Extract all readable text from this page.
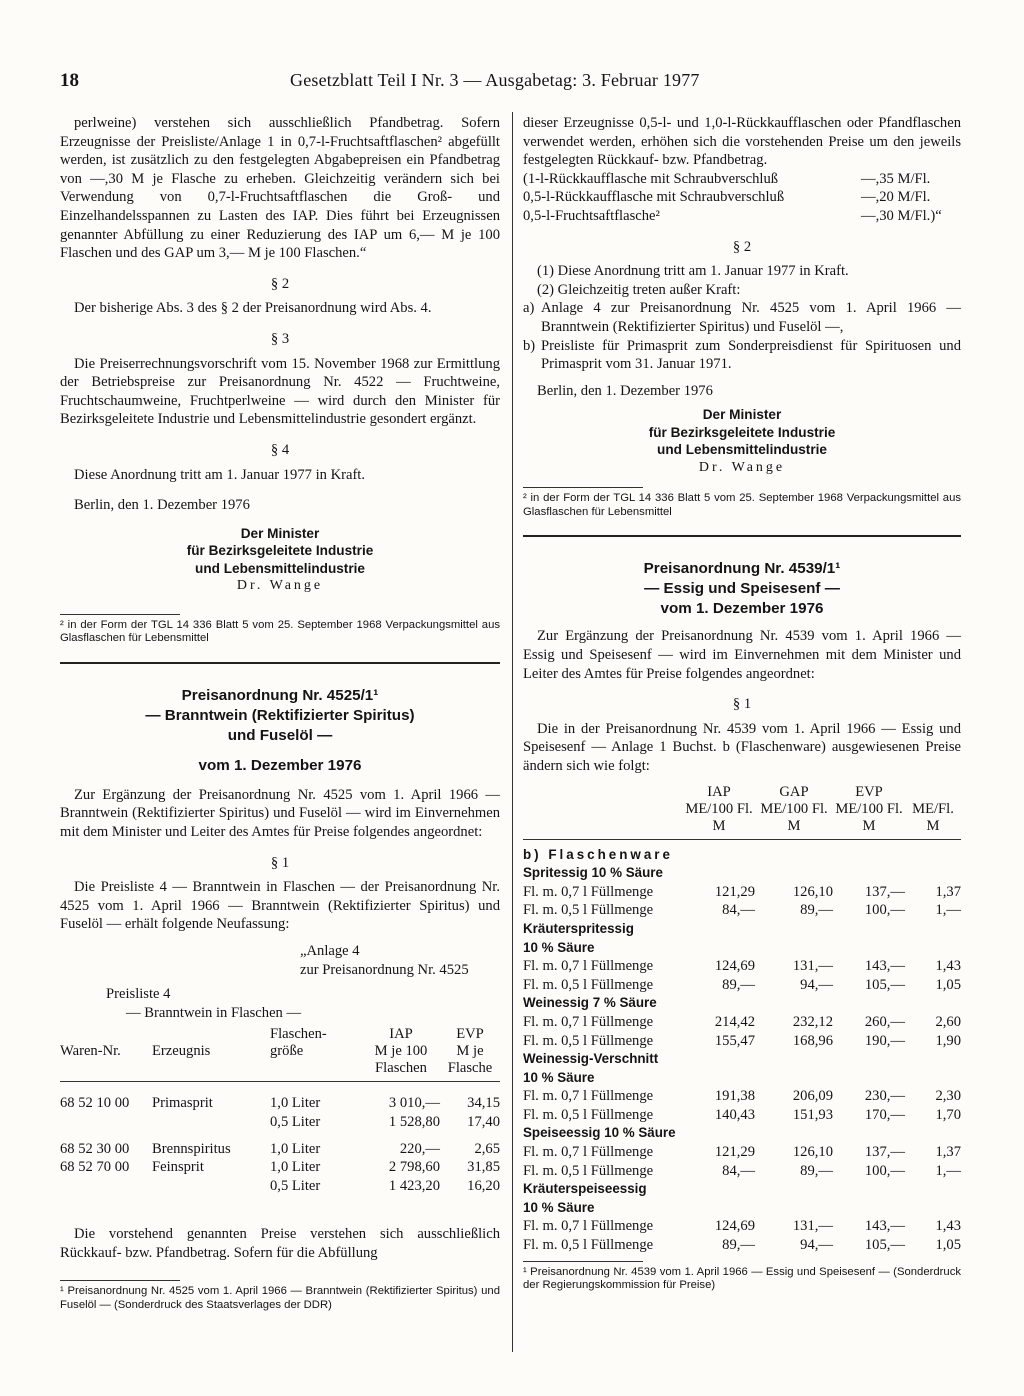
18	Gesetzblatt Teil I Nr. 3 — Ausgabetag: 3. Februar 1977

perlweine) verstehen sich ausschließlich Pfandbetrag. Sofern Erzeugnisse der Preisliste/Anlage 1 in 0,7-l-Fruchtsaftflaschen² abgefüllt werden, ist zusätzlich zu den festgelegten Abgabepreisen ein Pfandbetrag von —,30 M je Flasche zu erheben. Gleichzeitig verändern sich bei Verwendung von 0,7-l-Fruchtsaftflaschen die Groß- und Einzelhandelsspannen zu Lasten des IAP. Dies führt bei Erzeugnissen genannter Abfüllung zu einer Reduzierung des IAP um 6,— M je 100 Flaschen und des GAP um 3,— M je 100 Flaschen.“

§ 2

Der bisherige Abs. 3 des § 2 der Preisanordnung wird Abs. 4.

§ 3

Die Preiserrechnungsvorschrift vom 15. November 1968 zur Ermittlung der Betriebspreise zur Preisanordnung Nr. 4522 — Fruchtweine, Fruchtschaumweine, Fruchtperlweine — wird durch den Minister für Bezirksgeleitete Industrie und Lebensmittelindustrie gesondert ergänzt.

§ 4

Diese Anordnung tritt am 1. Januar 1977 in Kraft.

Berlin, den 1. Dezember 1976

Der Minister
für Bezirksgeleitete Industrie
und Lebensmittelindustrie
Dr. Wange

² in der Form der TGL 14 336 Blatt 5 vom 25. September 1968 Verpackungsmittel aus Glasflaschen für Lebensmittel

Preisanordnung Nr. 4525/1¹
— Branntwein (Rektifizierter Spiritus)
und Fuselöl —
vom 1. Dezember 1976

Zur Ergänzung der Preisanordnung Nr. 4525 vom 1. April 1966 — Branntwein (Rektifizierter Spiritus) und Fuselöl — wird im Einvernehmen mit dem Minister und Leiter des Amtes für Preise folgendes angeordnet:

§ 1

Die Preisliste 4 — Branntwein in Flaschen — der Preisanordnung Nr. 4525 vom 1. April 1966 — Branntwein (Rektifizierter Spiritus) und Fuselöl — erhält folgende Neufassung:

„Anlage 4
zur Preisanordnung Nr. 4525
Preisliste 4
— Branntwein in Flaschen —
		Flaschen-	IAP	EVP
Waren-Nr.	Erzeugnis	größe	M je 100	M je
			Flaschen	Flasche

68 52 10 00	Primasprit	1,0 Liter	3 010,—	34,15
		0,5 Liter	1 528,80	17,40

68 52 30 00	Brennspiritus	1,0 Liter	220,—	2,65
68 52 70 00	Feinsprit	1,0 Liter	2 798,60	31,85
		0,5 Liter	1 423,20	16,20

Die vorstehend genannten Preise verstehen sich ausschließlich Rückkauf- bzw. Pfandbetrag. Sofern für die Abfüllung

¹ Preisanordnung Nr. 4525 vom 1. April 1966 — Branntwein (Rektifizierter Spiritus) und Fuselöl — (Sonderdruck des Staatsverlages der DDR)

dieser Erzeugnisse 0,5-l- und 1,0-l-Rückkaufflaschen oder Pfandflaschen verwendet werden, erhöhen sich die vorstehenden Preise um den jeweils festgelegten Rückkauf- bzw. Pfandbetrag.

(1-l-Rückkaufflasche mit Schraubverschluß	—,35 M/Fl.
0,5-l-Rückkaufflasche mit Schraubverschluß	—,20 M/Fl.
0,5-l-Fruchtsaftflasche²	—,30 M/Fl.)“
§ 2

(1) Diese Anordnung tritt am 1. Januar 1977 in Kraft.

(2) Gleichzeitig treten außer Kraft:

a) Anlage 4 zur Preisanordnung Nr. 4525 vom 1. April 1966 — Branntwein (Rektifizierter Spiritus) und Fuselöl —,

b) Preisliste für Primasprit zum Sonderpreisdienst für Spirituosen und Primasprit vom 31. Januar 1971.

Berlin, den 1. Dezember 1976

Der Minister
für Bezirksgeleitete Industrie
und Lebensmittelindustrie
Dr. Wange

² in der Form der TGL 14 336 Blatt 5 vom 25. September 1968 Verpackungsmittel aus Glasflaschen für Lebensmittel

Preisanordnung Nr. 4539/1¹
— Essig und Speisesenf —
vom 1. Dezember 1976

Zur Ergänzung der Preisanordnung Nr. 4539 vom 1. April 1966 — Essig und Speisesenf — wird im Einvernehmen mit dem Minister und Leiter des Amtes für Preise folgendes angeordnet:

§ 1

Die in der Preisanordnung Nr. 4539 vom 1. April 1966 — Essig und Speisesenf — Anlage 1 Buchst. b (Flaschenware) ausgewiesenen Preise ändern sich wie folgt:

	IAP	GAP	EVP	
	ME/100 Fl.	ME/100 Fl.	ME/100 Fl.	ME/Fl.
	M	M	M	M

b) Flaschenware				
Spritessig 10 % Säure				
Fl. m. 0,7 l Füllmenge	121,29	126,10	137,—	1,37
Fl. m. 0,5 l Füllmenge	84,—	89,—	100,—	1,—
Kräuterspritessig				
10 % Säure				
Fl. m. 0,7 l Füllmenge	124,69	131,—	143,—	1,43
Fl. m. 0,5 l Füllmenge	89,—	94,—	105,—	1,05
Weinessig 7 % Säure				
Fl. m. 0,7 l Füllmenge	214,42	232,12	260,—	2,60
Fl. m. 0,5 l Füllmenge	155,47	168,96	190,—	1,90
Weinessig-Verschnitt				
10 % Säure				
Fl. m. 0,7 l Füllmenge	191,38	206,09	230,—	2,30
Fl. m. 0,5 l Füllmenge	140,43	151,93	170,—	1,70
Speiseessig 10 % Säure				
Fl. m. 0,7 l Füllmenge	121,29	126,10	137,—	1,37
Fl. m. 0,5 l Füllmenge	84,—	89,—	100,—	1,—
Kräuterspeiseessig				
10 % Säure				
Fl. m. 0,7 l Füllmenge	124,69	131,—	143,—	1,43
Fl. m. 0,5 l Füllmenge	89,—	94,—	105,—	1,05

¹ Preisanordnung Nr. 4539 vom 1. April 1966 — Essig und Speisesenf — (Sonderdruck der Regierungskommission für Preise)
